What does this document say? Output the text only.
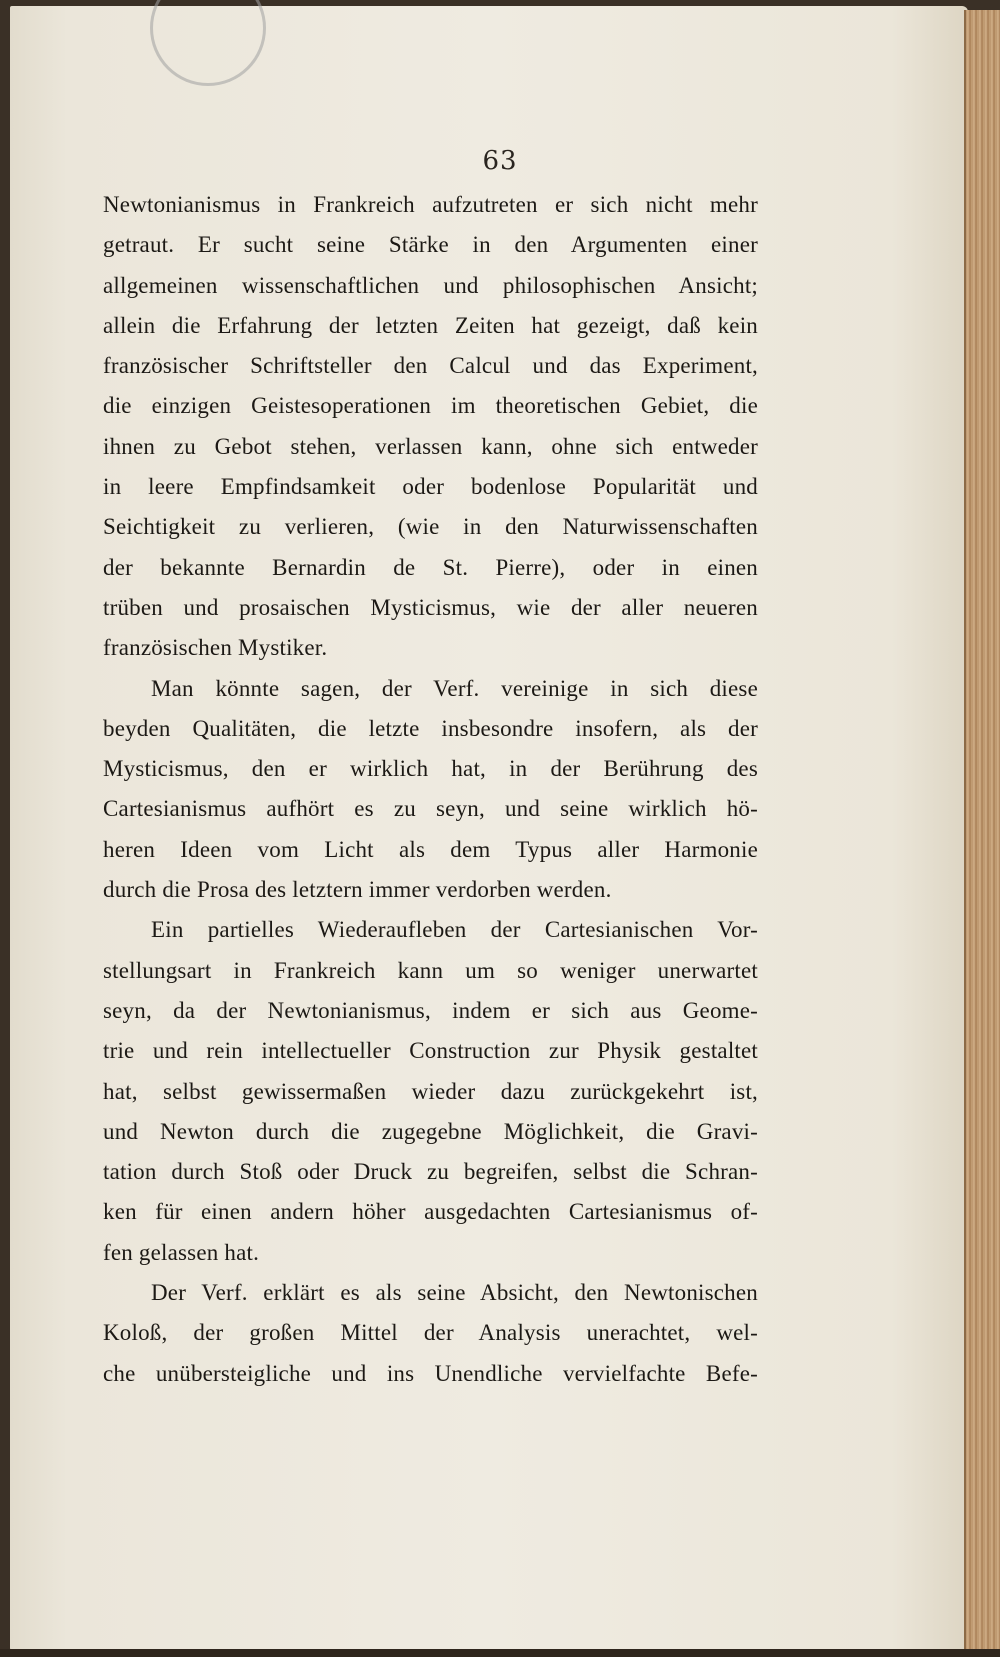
63
Newtonianismus in Frankreich aufzutreten er sich nicht mehr
getraut. Er sucht seine Stärke in den Argumenten einer
allgemeinen wissenschaftlichen und philosophischen Ansicht;
allein die Erfahrung der letzten Zeiten hat gezeigt, daß kein
französischer Schriftsteller den Calcul und das Experiment,
die einzigen Geistesoperationen im theoretischen Gebiet, die
ihnen zu Gebot stehen, verlassen kann, ohne sich entweder
in leere Empfindsamkeit oder bodenlose Popularität und
Seichtigkeit zu verlieren, (wie in den Naturwissenschaften
der bekannte Bernardin de St. Pierre), oder in einen
trüben und prosaischen Mysticismus, wie der aller neueren
französischen Mystiker.
Man könnte sagen, der Verf. vereinige in sich diese
beyden Qualitäten, die letzte insbesondre insofern, als der
Mysticismus, den er wirklich hat, in der Berührung des
Cartesianismus aufhört es zu seyn, und seine wirklich hö-
heren Ideen vom Licht als dem Typus aller Harmonie
durch die Prosa des letztern immer verdorben werden.
Ein partielles Wiederaufleben der Cartesianischen Vor-
stellungsart in Frankreich kann um so weniger unerwartet
seyn, da der Newtonianismus, indem er sich aus Geome-
trie und rein intellectueller Construction zur Physik gestaltet
hat, selbst gewissermaßen wieder dazu zurückgekehrt ist,
und Newton durch die zugegebne Möglichkeit, die Gravi-
tation durch Stoß oder Druck zu begreifen, selbst die Schran-
ken für einen andern höher ausgedachten Cartesianismus of-
fen gelassen hat.
Der Verf. erklärt es als seine Absicht, den Newtonischen
Koloß, der großen Mittel der Analysis unerachtet, wel-
che unübersteigliche und ins Unendliche vervielfachte Befe-
